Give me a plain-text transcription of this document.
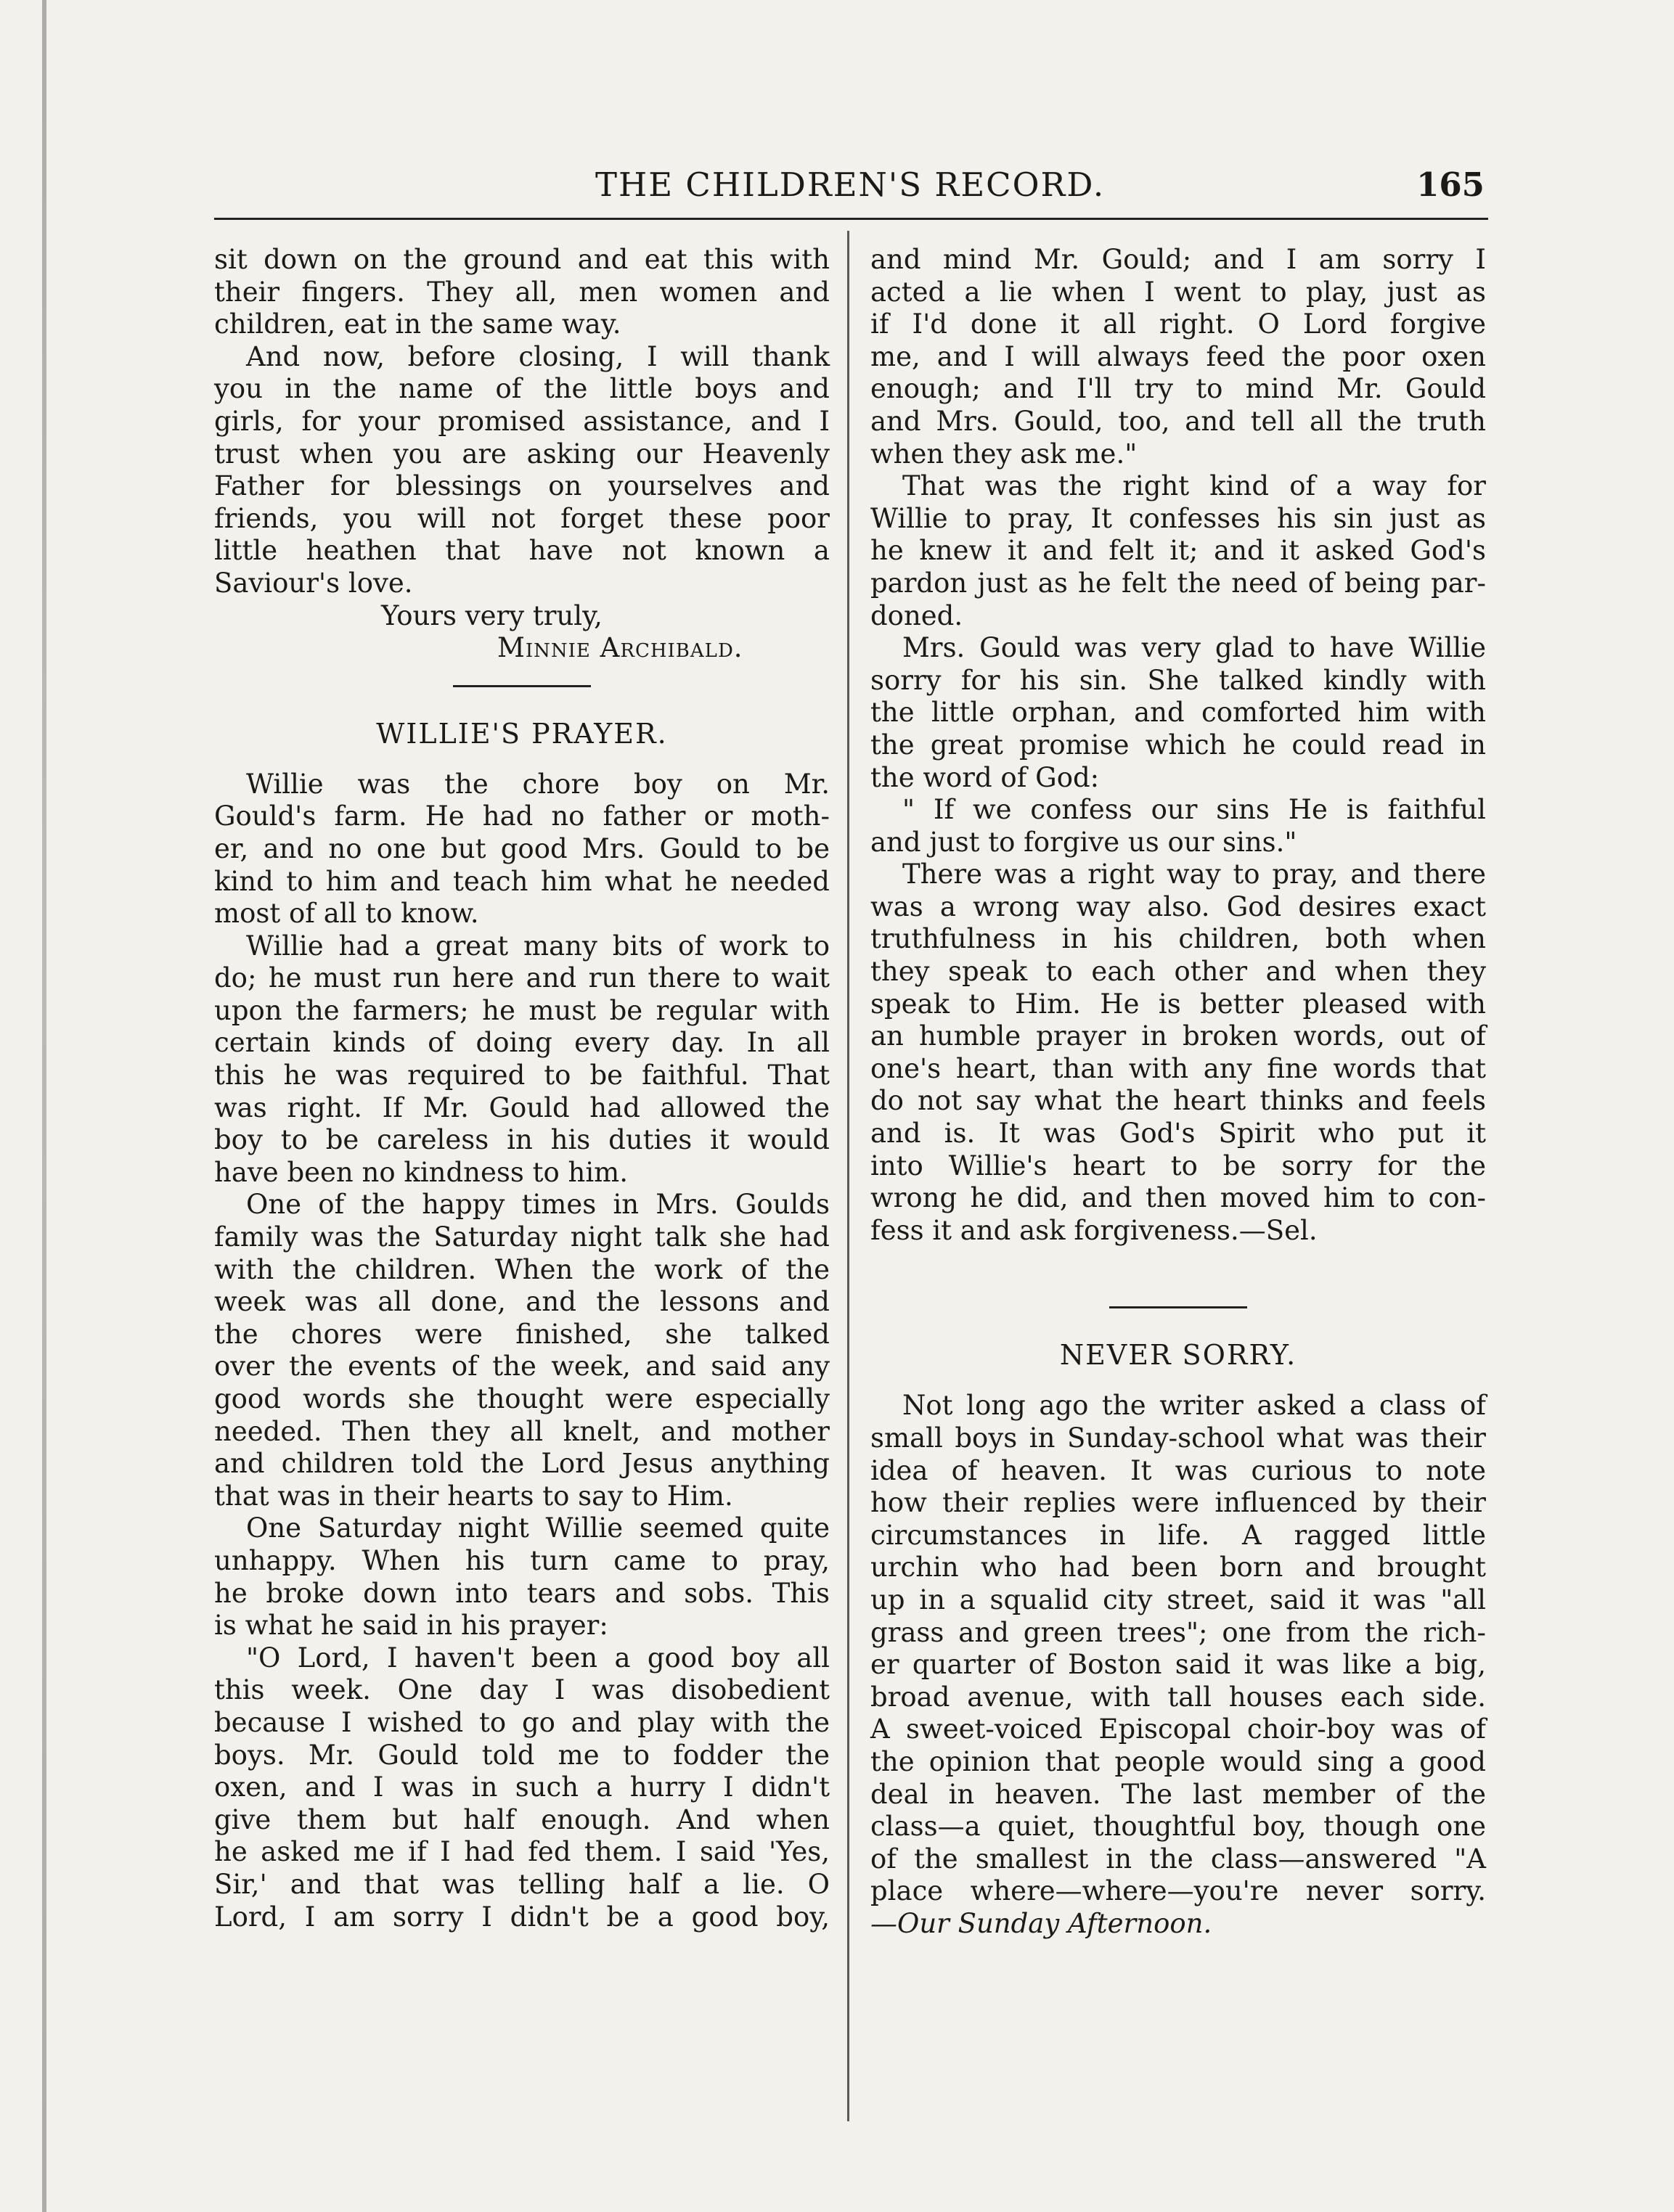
THE CHILDREN'S RECORD.	165
sit down on the ground and eat this with
their fingers. They all, men women and
children, eat in the same way.
And now, before closing, I will thank
you in the name of the little boys and
girls, for your promised assistance, and I
trust when you are asking our Heavenly
Father for blessings on yourselves and
friends, you will not forget these poor
little heathen that have not known a
Saviour's love.
Yours very truly,
Minnie Archibald.
WILLIE'S PRAYER.
Willie was the chore boy on Mr.
Gould's farm. He had no father or moth-
er, and no one but good Mrs. Gould to be
kind to him and teach him what he needed
most of all to know.
Willie had a great many bits of work to
do; he must run here and run there to wait
upon the farmers; he must be regular with
certain kinds of doing every day. In all
this he was required to be faithful. That
was right. If Mr. Gould had allowed the
boy to be careless in his duties it would
have been no kindness to him.
One of the happy times in Mrs. Goulds
family was the Saturday night talk she had
with the children. When the work of the
week was all done, and the lessons and
the chores were finished, she talked
over the events of the week, and said any
good words she thought were especially
needed. Then they all knelt, and mother
and children told the Lord Jesus anything
that was in their hearts to say to Him.
One Saturday night Willie seemed quite
unhappy. When his turn came to pray,
he broke down into tears and sobs. This
is what he said in his prayer:
"O Lord, I haven't been a good boy all
this week. One day I was disobedient
because I wished to go and play with the
boys. Mr. Gould told me to fodder the
oxen, and I was in such a hurry I didn't
give them but half enough. And when
he asked me if I had fed them. I said 'Yes,
Sir,' and that was telling half a lie. O
Lord, I am sorry I didn't be a good boy,
and mind Mr. Gould; and I am sorry I
acted a lie when I went to play, just as
if I'd done it all right. O Lord forgive
me, and I will always feed the poor oxen
enough; and I'll try to mind Mr. Gould
and Mrs. Gould, too, and tell all the truth
when they ask me."
That was the right kind of a way for
Willie to pray, It confesses his sin just as
he knew it and felt it; and it asked God's
pardon just as he felt the need of being par-
doned.
Mrs. Gould was very glad to have Willie
sorry for his sin. She talked kindly with
the little orphan, and comforted him with
the great promise which he could read in
the word of God:
" If we confess our sins He is faithful
and just to forgive us our sins."
There was a right way to pray, and there
was a wrong way also. God desires exact
truthfulness in his children, both when
they speak to each other and when they
speak to Him. He is better pleased with
an humble prayer in broken words, out of
one's heart, than with any fine words that
do not say what the heart thinks and feels
and is. It was God's Spirit who put it
into Willie's heart to be sorry for the
wrong he did, and then moved him to con-
fess it and ask forgiveness.—Sel.
NEVER SORRY.
Not long ago the writer asked a class of
small boys in Sunday-school what was their
idea of heaven. It was curious to note
how their replies were influenced by their
circumstances in life. A ragged little
urchin who had been born and brought
up in a squalid city street, said it was "all
grass and green trees"; one from the rich-
er quarter of Boston said it was like a big,
broad avenue, with tall houses each side.
A sweet-voiced Episcopal choir-boy was of
the opinion that people would sing a good
deal in heaven. The last member of the
class—a quiet, thoughtful boy, though one
of the smallest in the class—answered "A
place where—where—you're never sorry.
—Our Sunday Afternoon.
